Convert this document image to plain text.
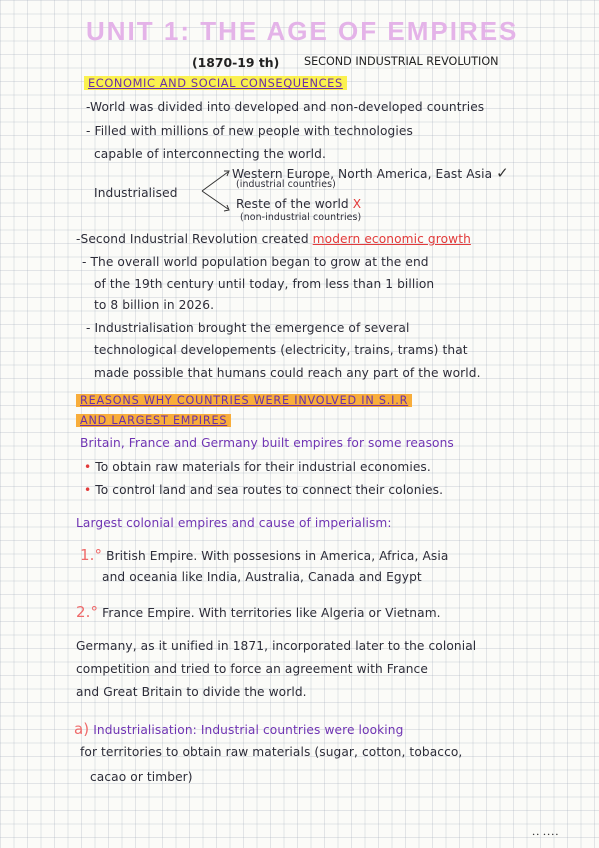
UNIT 1: THE AGE OF EMPIRES
(1870-19 th) SECOND INDUSTRIAL REVOLUTION
ECONOMIC AND SOCIAL CONSEQUENCES
-World was divided into developed and non-developed countries
- Filled with millions of new people with technologies
capable of interconnecting the world.
Industrialised
Western Europe, North America, East Asia ✓
(industrial countries)
Reste of the world X
(non-industrial countries)
-Second Industrial Revolution created modern economic growth
- The overall world population began to grow at the end
of the 19th century until today, from less than 1 billion
to 8 billion in 2026.
- Industrialisation brought the emergence of several
technological developements (electricity, trains, trams) that
made possible that humans could reach any part of the world.
REASONS WHY COUNTRIES WERE INVOLVED IN S.I.R
AND LARGEST EMPIRES
Britain, France and Germany built empires for some reasons
• To obtain raw materials for their industrial economies.
• To control land and sea routes to connect their colonies.
Largest colonial empires and cause of imperialism:
1.° British Empire. With possesions in America, Africa, Asia
and oceania like India, Australia, Canada and Egypt
2.° France Empire. With territories like Algeria or Vietnam.
Germany, as it unified in 1871, incorporated later to the colonial
competition and tried to force an agreement with France
and Great Britain to divide the world.
a) Industrialisation: Industrial countries were looking
for territories to obtain raw materials (sugar, cotton, tobacco,
cacao or timber)
∙∙ ∙∙∙∙
